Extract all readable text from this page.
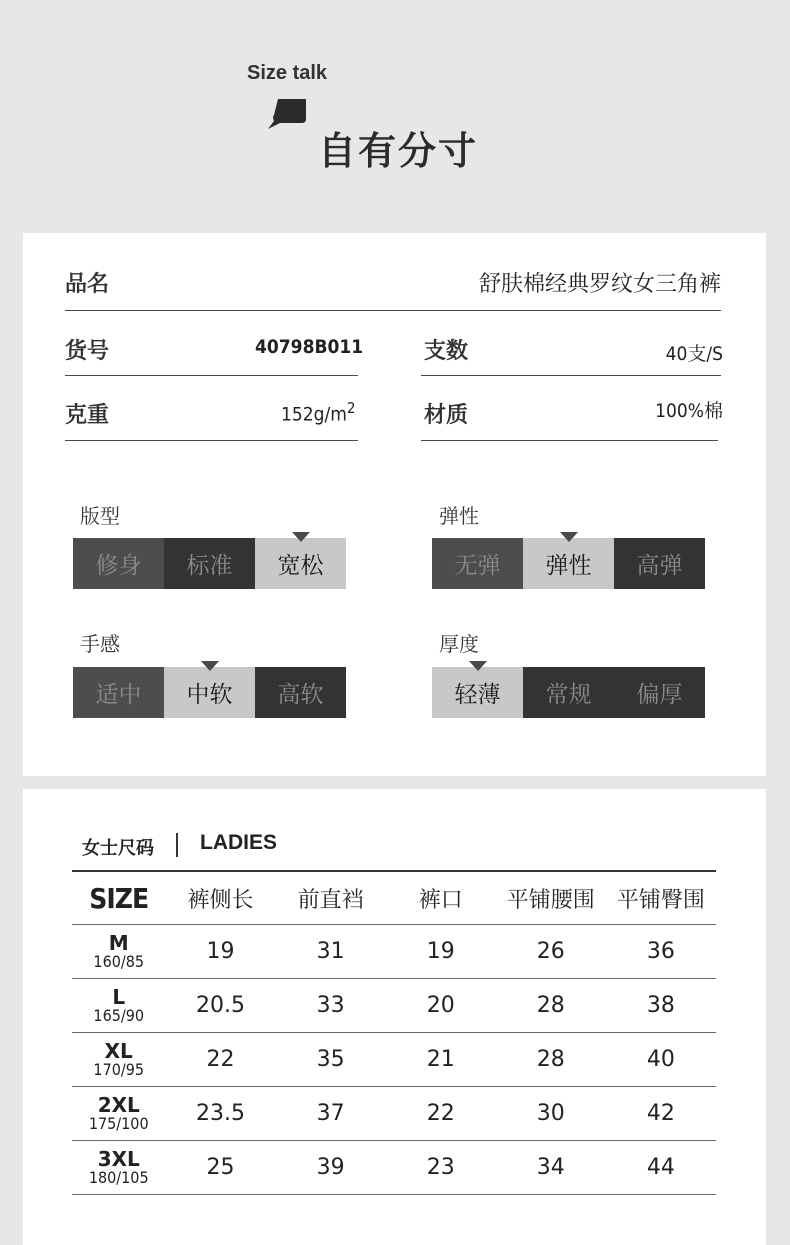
Size talk
自有分寸
品名	舒肤棉经典罗纹女三角裤
货号	40798B011	支数	40支/S
克重	$152g/m^2$	材质	100%棉
版型
修身 标准 宽松
弹性
无弹 弹性 高弹
手感
适中 中软 高软
厚度
轻薄 常规 偏厚
女士尺码 LADIES
SIZE	裤侧长	前直裆	裤口	平铺腰围	平铺臀围

M
160/85	19	31	19	26	36

L
165/90	20.5	33	20	28	38

XL
170/95	22	35	21	28	40

2XL
175/100	23.5	37	22	30	42

3XL
180/105	25	39	23	34	44
